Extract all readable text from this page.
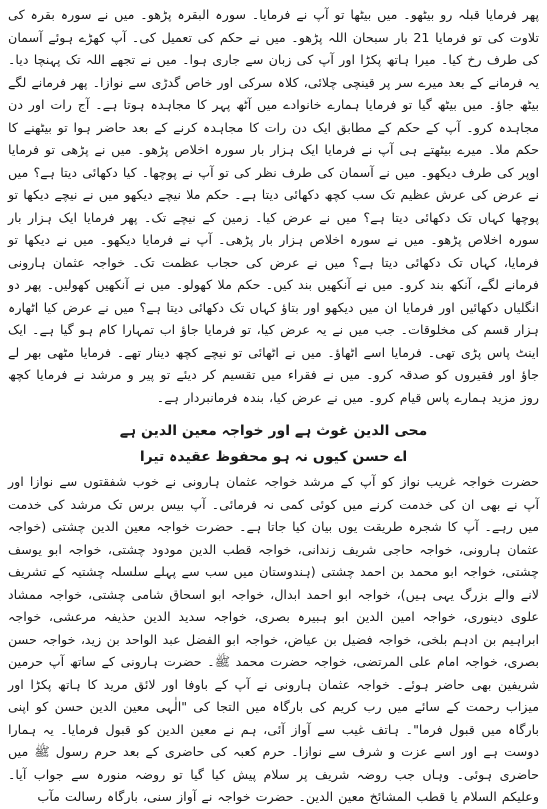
پھر فرمایا قبلہ رو بیٹھو۔ میں بیٹھا تو آپ نے فرمایا۔ سورہ البقرہ پڑھو۔ میں نے سورہ بقرہ کی تلاوت کی تو فرمایا 21 بار سبحان اللہ پڑھو۔ میں نے حکم کی تعمیل کی۔ آپ کھڑے ہوئے آسمان کی طرف رخ کیا۔ میرا ہاتھ پکڑا اور آپ کی زبان سے جاری ہوا۔ میں نے تجھے اللہ تک پہنچا دیا۔ یہ فرمانے کے بعد میرے سر پر قینچی چلائی، کلاہ سرکی اور خاص گدڑی سے نوازا۔ پھر فرمانے لگے بیٹھ جاؤ۔ میں بیٹھ گیا تو فرمایا ہمارے خانوادے میں آٹھ پہر کا مجاہدہ ہوتا ہے۔ آج رات اور دن مجاہدہ کرو۔ آپ کے حکم کے مطابق ایک دن رات کا مجاہدہ کرنے کے بعد حاضر ہوا تو بیٹھنے کا حکم ملا۔ میرے بیٹھتے ہی آپ نے فرمایا ایک ہزار بار سورہ اخلاص پڑھو۔ میں نے پڑھی تو فرمایا اوپر کی طرف دیکھو۔ میں نے آسمان کی طرف نظر کی تو آپ نے پوچھا۔ کیا دکھائی دیتا ہے؟ میں نے عرض کی عرش عظیم تک سب کچھ دکھائی دیتا ہے۔ حکم ملا نیچے دیکھو میں نے نیچے دیکھا تو پوچھا کہاں تک دکھائی دیتا ہے؟ میں نے عرض کیا۔ زمین کے نیچے تک۔ پھر فرمایا ایک ہزار بار سورہ اخلاص پڑھو۔ میں نے سورہ اخلاص ہزار بار پڑھی۔ آپ نے فرمایا دیکھو۔ میں نے دیکھا تو فرمایا، کہاں تک دکھائی دیتا ہے؟ میں نے عرض کی حجاب عظمت تک۔ خواجہ عثمان ہارونی فرمانے لگے، آنکھ بند کرو۔ میں نے آنکھیں بند کیں۔ حکم ملا کھولو۔ میں نے آنکھیں کھولیں۔ پھر دو انگلیاں دکھائیں اور فرمایا ان میں دیکھو اور بتاؤ کہاں تک دکھائی دیتا ہے؟ میں نے عرض کیا اٹھارہ ہزار قسم کی مخلوقات۔ جب میں نے یہ عرض کیا، تو فرمایا جاؤ اب تمہارا کام ہو گیا ہے۔ ایک اینٹ پاس پڑی تھی۔ فرمایا اسے اٹھاؤ۔ میں نے اٹھائی تو نیچے کچھ دینار تھے۔ فرمایا مٹھی بھر لے جاؤ اور فقیروں کو صدقہ کرو۔ میں نے فقراء میں تقسیم کر دیئے تو پیر و مرشد نے فرمایا کچھ روز مزید ہمارے پاس قیام کرو۔ میں نے عرض کیا، بندہ فرمانبردار ہے۔

محی الدین غوث ہے اور خواجہ معین الدین ہے

اے حسن کیوں نہ ہو محفوظ عقیدہ تیرا

حضرت خواجہ غریب نواز کو آپ کے مرشد خواجہ عثمان ہارونی نے خوب شفقتوں سے نوازا اور آپ نے بھی ان کی خدمت کرنے میں کوئی کمی نہ فرمائی۔ آپ بیس برس تک مرشد کی خدمت میں رہے۔ آپ کا شجرہ طریقت یوں بیان کیا جاتا ہے۔ حضرت خواجہ معین الدین چشتی (خواجہ عثمان ہارونی، خواجہ حاجی شریف زندانی، خواجہ قطب الدین مودود چشتی، خواجہ ابو یوسف چشتی، خواجہ ابو محمد بن احمد چشتی (ہندوستان میں سب سے پہلے سلسلہ چشتیہ کے تشریف لانے والے بزرگ یہی ہیں)، خواجہ ابو احمد ابدال، خواجہ ابو اسحاق شامی چشتی، خواجہ ممشاد علوی دینوری، خواجہ امین الدین ابو ہبیرہ بصری، خواجہ سدید الدین حذیفہ مرعشی، خواجہ ابراہیم بن ادہم بلخی، خواجہ فضیل بن عیاض، خواجہ ابو الفضل عبد الواحد بن زید، خواجہ حسن بصری، خواجہ امام علی المرتضی، خواجہ حضرت محمد ﷺ۔ حضرت ہارونی کے ساتھ آپ حرمین شریفین بھی حاضر ہوئے۔ خواجہ عثمان ہارونی نے آپ کے باوفا اور لائق مرید کا ہاتھ پکڑا اور میزاب رحمت کے سائے میں رب کریم کی بارگاہ میں التجا کی "الٰہی معین الدین حسن کو اپنی بارگاہ میں قبول فرما"۔ ہاتف غیب سے آواز آئی، ہم نے معین الدین کو قبول فرمایا۔ یہ ہمارا دوست ہے اور اسے عزت و شرف سے نوازا۔ حرم کعبہ کی حاضری کے بعد حرم رسول ﷺ میں حاضری ہوئی۔ وہاں جب روضہ شریف پر سلام پیش کیا گیا تو روضہ منورہ سے جواب آیا۔ وعلیکم السلام یا قطب المشائخ معین الدین۔ حضرت خواجہ نے آواز سنی، بارگاہ رسالت مآب
